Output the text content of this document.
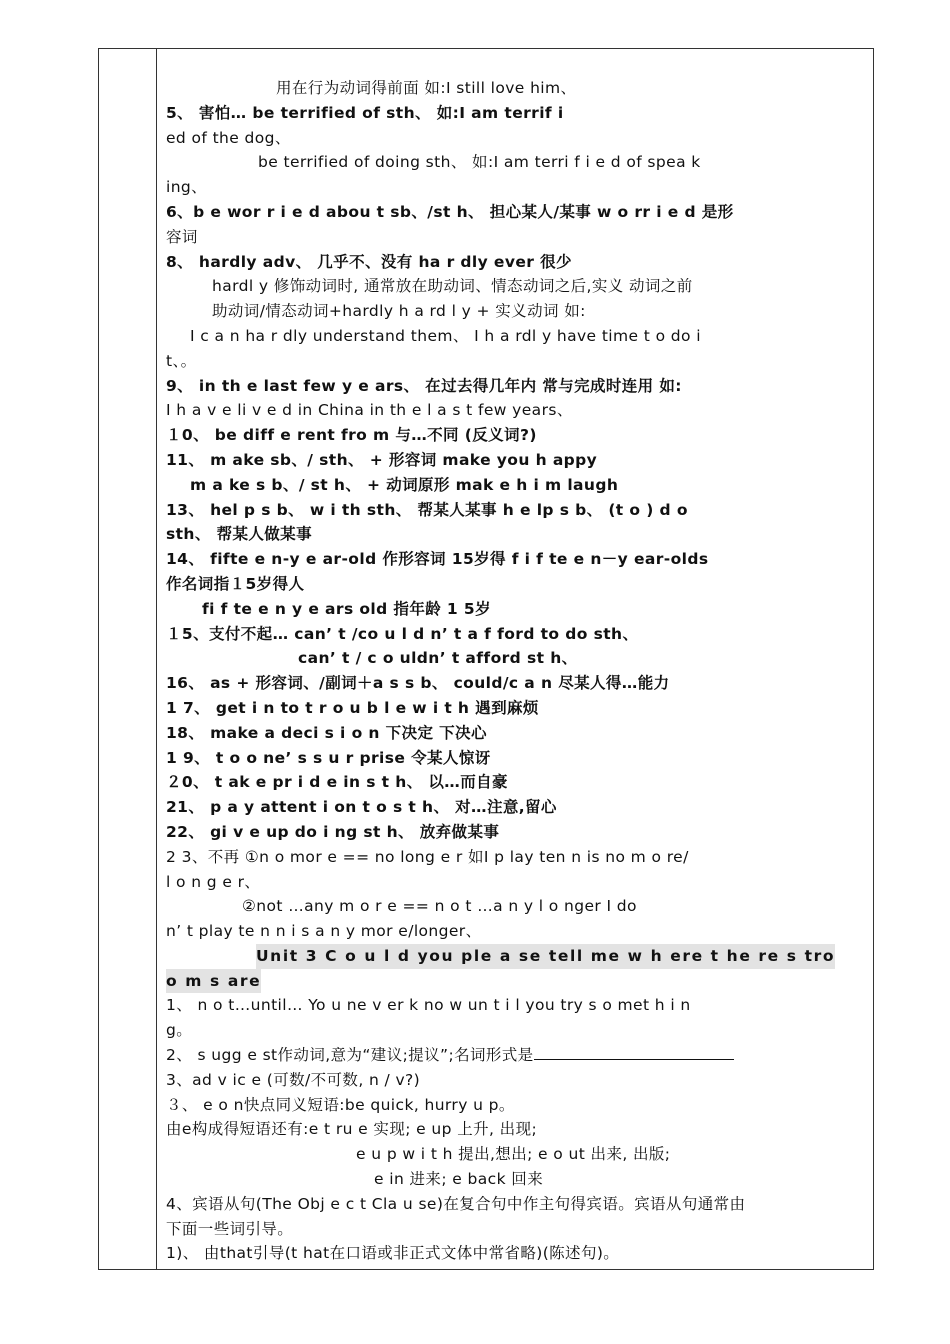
用在行为动词得前面 如:I still love him、
5、 害怕… be terrified of sth、 如:I am terrif i
ed of the dog、
be terrified of doing sth、 如:I am terri f i e d of spea k
ing、
6、b e wor r i e d abou t sb、/st h、 担心某人/某事 w o rr i e d 是形
容词
8、 hardly adv、 几乎不、没有 ha r dly ever 很少
hardl y 修饰动词时, 通常放在助动词、情态动词之后,实义 动词之前
助动词/情态动词+hardly h a rd l y + 实义动词 如:
I c a n ha r dly understand them、 I h a rdl y have time t o do i
t、。
9、 in th e last few y e ars、 在过去得几年内 常与完成时连用 如:
I h a v e li v e d in China in th e l a s t few years、
１0、 be diff e rent fro m 与…不同 (反义词?)
11、 m ake sb、/ sth、 + 形容词 make you h appy
m a ke s b、/ st h、 + 动词原形 mak e h i m laugh
13、 hel p s b、 w i th sth、 帮某人某事 h e lp s b、 (t o ) d o
sth、 帮某人做某事
14、 fifte e n-y e ar-old 作形容词 15岁得 f i f te e n－y ear-olds
作名词指１5岁得人
fi f te e n y e ars old 指年龄 1 5岁
１5、支付不起… can’ t /co u l d n’ t a f ford to do sth、
can’ t / c o uldn’ t afford st h、
16、 as + 形容词、/副词＋a s s b、 could/c a n 尽某人得…能力
1 7、 get i n to t r o u b l e w i t h 遇到麻烦
18、 make a deci s i o n 下决定 下决心
1 9、 t o o ne’ s s u r prise 令某人惊讶
２0、 t ak e pr i d e in s t h、 以…而自豪
21、 p a y attent i on t o s t h、 对…注意,留心
22、 gi v e up do i ng st h、 放弃做某事
2 3、不再 ①n o mor e == no long e r 如I p lay ten n is no m o re/
l o n g e r、
②not …any m o r e == n o t …a n y l o nger I do
n’ t play te n n i s a n y mor e/longer、
Unit 3 C o u l d you ple a se tell me w h ere t he re s tro
o m s are
1、 n o t…until… Yo u ne v er k no w un t i l you try s o met h i n
g。
2、 s ugg e st作动词,意为“建议;提议”;名词形式是
3、ad v ic e (可数/不可数, n / v?)
３、 e o n快点同义短语:be quick, hurry u p。
由e构成得短语还有:e t ru e 实现; e up 上升, 出现;
e u p w i t h 提出,想出; e o ut 出来, 出版;
e in 进来; e back 回来
4、宾语从句(The Obj e c t Cla u se)在复合句中作主句得宾语。宾语从句通常由
下面一些词引导。
1)、 由that引导(t hat在口语或非正式文体中常省略)(陈述句)。
